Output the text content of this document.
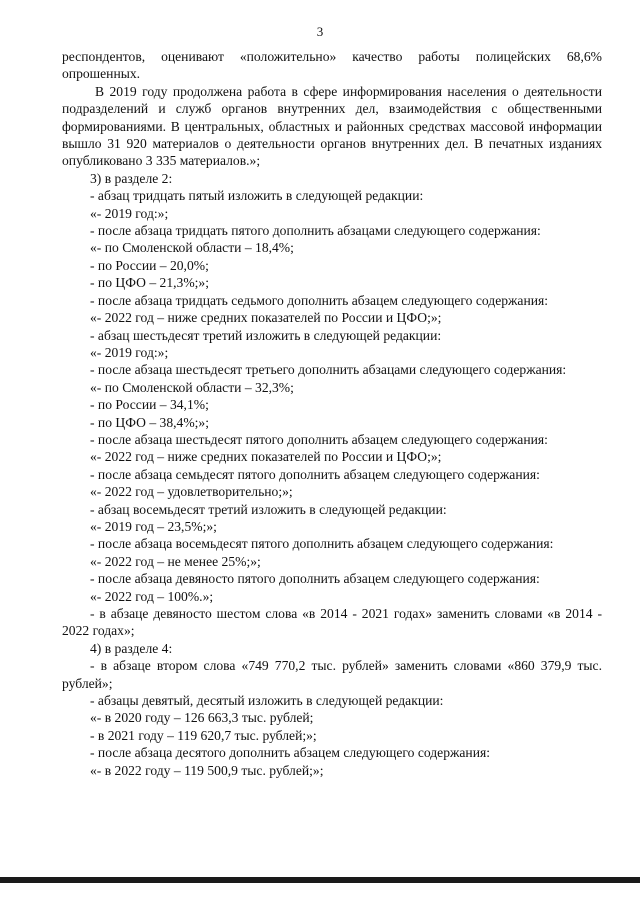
3

респондентов, оценивают «положительно» качество работы полицейских 68,6% опрошенных.

В 2019 году продолжена работа в сфере информирования населения о деятельности подразделений и служб органов внутренних дел, взаимодействия с общественными формированиями. В центральных, областных и районных средствах массовой информации вышло 31 920 материалов о деятельности органов внутренних дел. В печатных изданиях опубликовано 3 335 материалов.»;

3) в разделе 2:

- абзац тридцать пятый изложить в следующей редакции:

«- 2019 год:»;

- после абзаца тридцать пятого дополнить абзацами следующего содержания:

«- по Смоленской области – 18,4%;

- по России – 20,0%;

- по ЦФО – 21,3%;»;

- после абзаца тридцать седьмого дополнить абзацем следующего содержания:

«- 2022 год – ниже средних показателей по России и ЦФО;»;

- абзац шестьдесят третий изложить в следующей редакции:

«- 2019 год:»;

- после абзаца шестьдесят третьего дополнить абзацами следующего содержания:

«- по Смоленской области – 32,3%;

- по России – 34,1%;

- по ЦФО – 38,4%;»;

- после абзаца шестьдесят пятого дополнить абзацем следующего содержания:

«- 2022 год – ниже средних показателей по России и ЦФО;»;

- после абзаца семьдесят пятого дополнить абзацем следующего содержания:

«- 2022 год – удовлетворительно;»;

- абзац восемьдесят третий изложить в следующей редакции:

«- 2019 год – 23,5%;»;

- после абзаца восемьдесят пятого дополнить абзацем следующего содержания:

«- 2022 год – не менее 25%;»;

- после абзаца девяносто пятого дополнить абзацем следующего содержания:

«- 2022 год – 100%.»;

- в абзаце девяносто шестом слова «в 2014 - 2021 годах» заменить словами «в 2014 - 2022 годах»;

4) в разделе 4:

- в абзаце втором слова «749 770,2 тыс. рублей» заменить словами «860 379,9 тыс. рублей»;

- абзацы девятый, десятый изложить в следующей редакции:

«- в 2020 году – 126 663,3 тыс. рублей;

- в 2021 году – 119 620,7 тыс. рублей;»;

- после абзаца десятого дополнить абзацем следующего содержания:

«- в 2022 году – 119 500,9 тыс. рублей;»;
